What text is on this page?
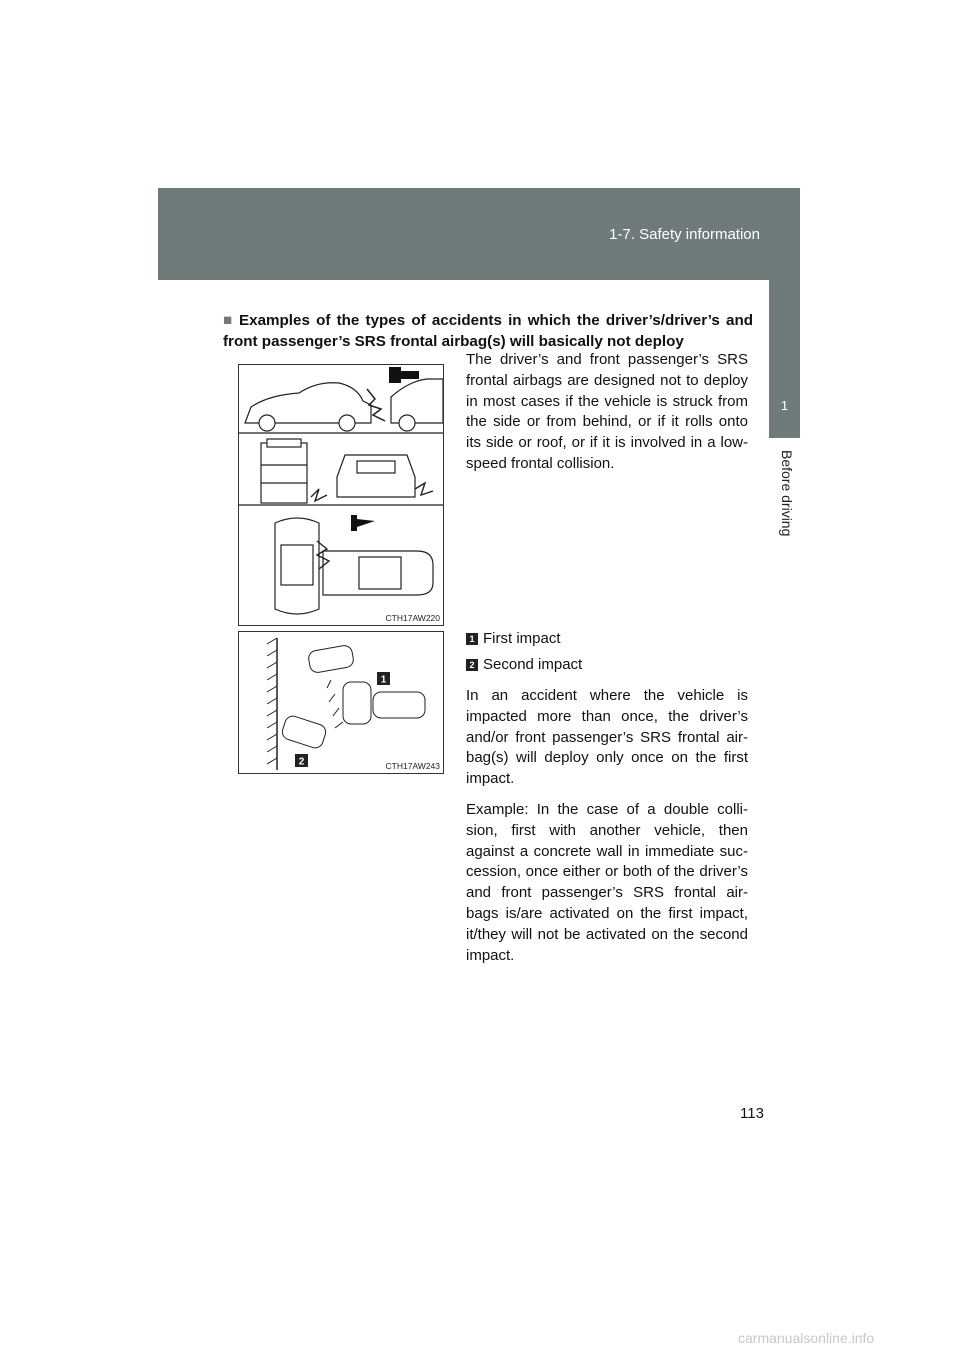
1-7. Safety information
1
Before driving
■ Examples of the types of accidents in which the driver’s/driver’s and front passenger’s SRS frontal airbag(s) will basically not deploy
CTH17AW220
1
2	CTH17AW243

The driver’s and front passenger’s SRS frontal airbags are designed not to deploy in most cases if the vehicle is struck from the side or from behind, or if it rolls onto its side or roof, or if it is involved in a low-speed frontal collision.

1 First impact
2 Second impact

In an accident where the vehicle is impacted more than once, the driver’s and/or front passenger’s SRS frontal air-bag(s) will deploy only once on the first impact.

Example: In the case of a double colli-sion, first with another vehicle, then against a concrete wall in immediate suc-cession, once either or both of the driver’s and front passenger’s SRS frontal air-bags is/are activated on the first impact, it/they will not be activated on the second impact.

113
carmanualsonline.info
